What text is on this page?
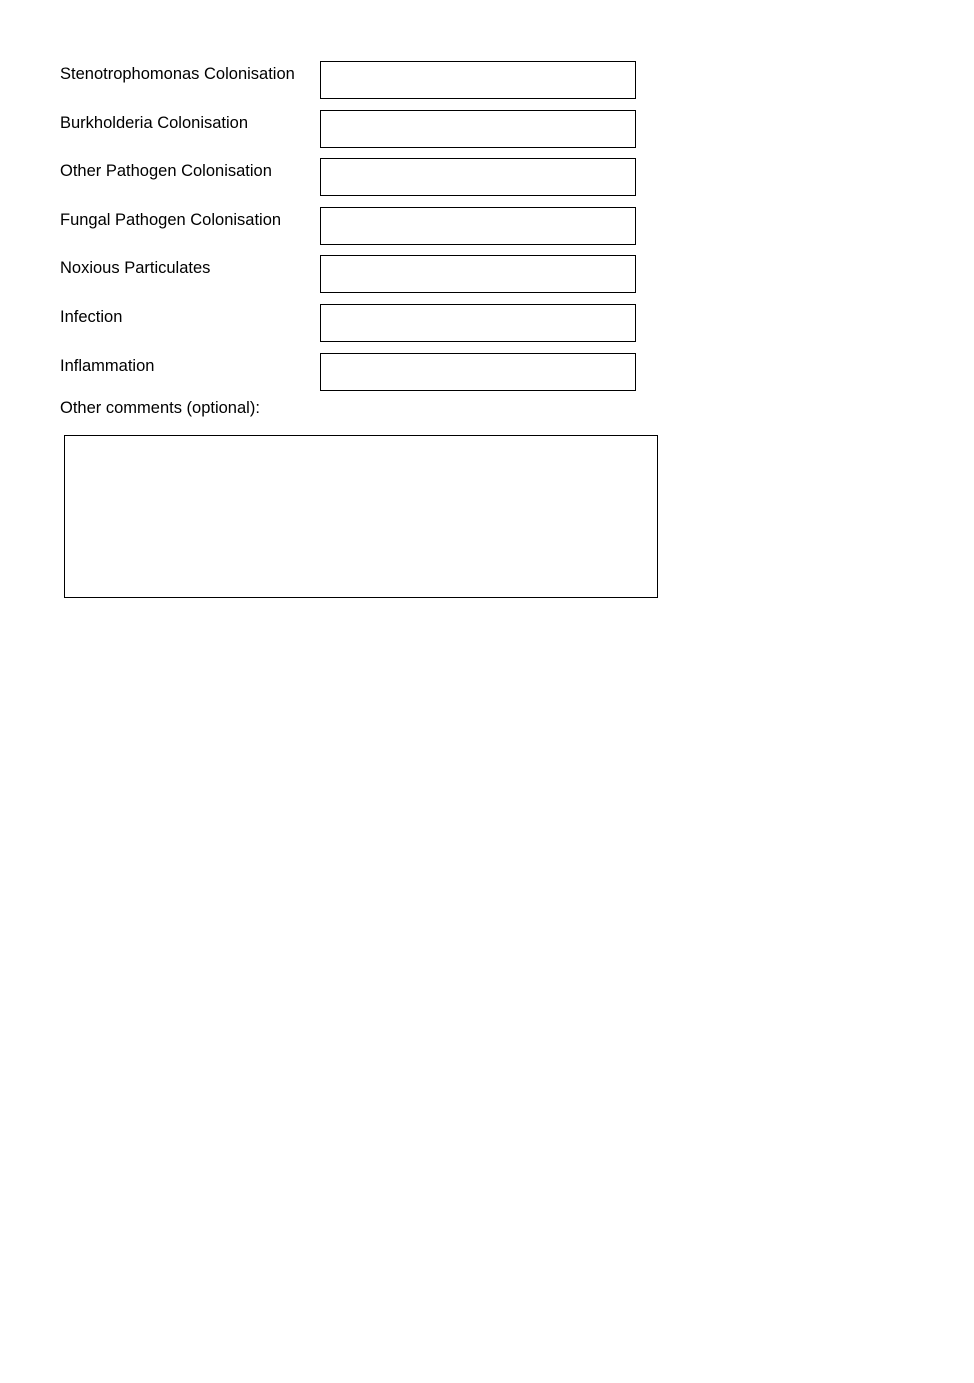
Stenotrophomonas Colonisation
Burkholderia Colonisation
Other Pathogen Colonisation
Fungal Pathogen Colonisation
Noxious Particulates
Infection
Inflammation
Other comments (optional):
